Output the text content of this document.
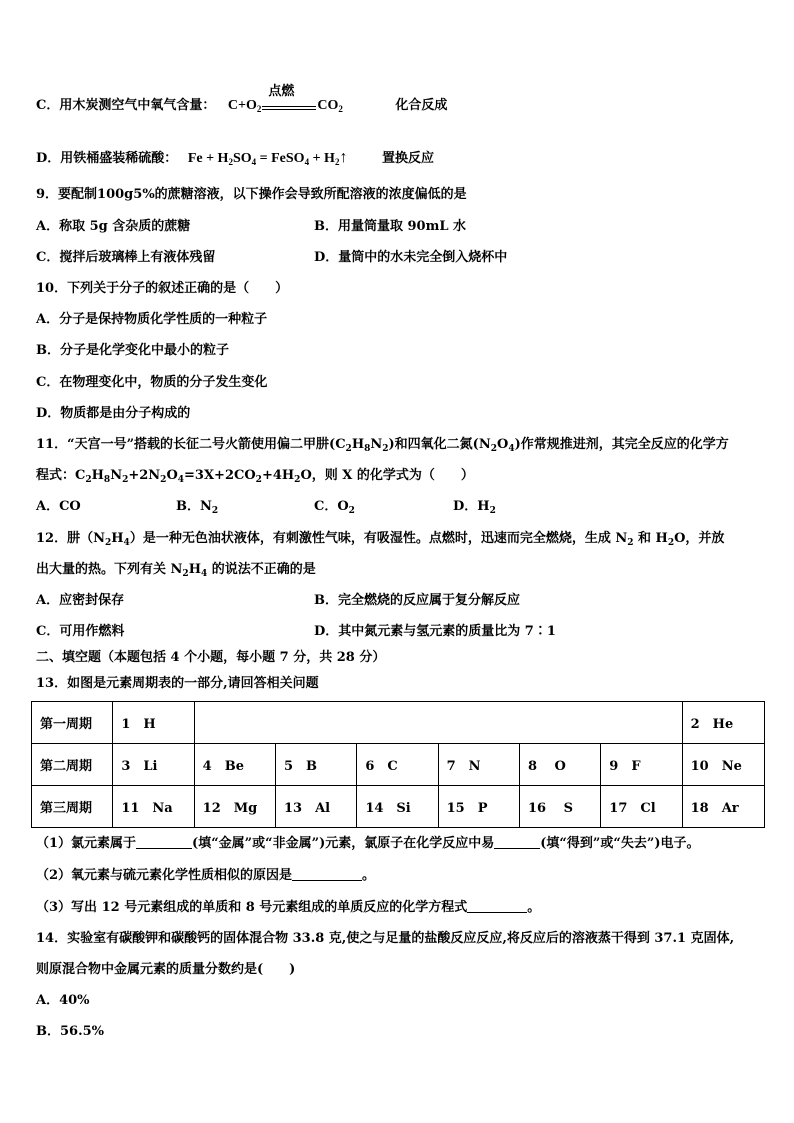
C．用木炭测空气中氧气含量： $C+O_2$
点燃
$CO_2$	化合反成
D．用铁桶盛装稀硫酸： $Fe + H_2SO_4$ = FeSO$_4$ + $H_2↑$	置换反应
9．要配制100g5%的蔗糖溶液，以下操作会导致所配溶液的浓度偏低的是
A．称取 5g 含杂质的蔗糖	B．用量筒量取 90mL 水
C．搅拌后玻璃棒上有液体残留	D．量筒中的水未完全倒入烧杯中
10．下列关于分子的叙述正确的是（　　）
A．分子是保持物质化学性质的一种粒子
B．分子是化学变化中最小的粒子
C．在物理变化中，物质的分子发生变化
D．物质都是由分子构成的
11．“天宫一号”搭载的长征二号火箭使用偏二甲肼$(C_2H_8N_2)$和四氧化二氮$(N_2O_4)$作常规推进剂，其完全反应的化学方
程式：$C_2H_8N_2+2N_2O_4=3X+2CO_2+4H_2O$，则 X 的化学式为（　　）
A．CO	B．$N_2$	C．$O_2$	D．$H_2$
12．肼$(N_2H_4)$是一种无色油状液体，有刺激性气味，有吸湿性。点燃时，迅速而完全燃烧，生成 $N_2$ 和 $H_2O$，并放
出大量的热。下列有关 $N_2H_4$ 的说法不正确的是
A．应密封保存	B．完全燃烧的反应属于复分解反应
C．可用作燃料	D．其中氮元素与氢元素的质量比为 7∶1
二、填空题（本题包括 4 个小题，每小题 7 分，共 28 分）
13．如图是元素周期表的一部分,请回答相关问题
第一周期	1　H							2　He
第二周期	3　Li	4　Be	5　B	6　C	7　N	8　 O	9　F	10　Ne
第三周期	11　Na	12　Mg	13　Al	14　Si	15　P	16　 S	17　Cl	18　Ar
（1）氯元素属于	(填“金属”或“非金属”)元素，氯原子在化学反应中易	(填“得到”或“失去”)电子。
（2）氧元素与硫元素化学性质相似的原因是	。
（3）写出 12 号元素组成的单质和 8 号元素组成的单质反应的化学方程式	。
14．实验室有碳酸钾和碳酸钙的固体混合物 33.8 克,使之与足量的盐酸反应反应,将反应后的溶液蒸干得到 37.1 克固体,
则原混合物中金属元素的质量分数约是(　　)
A．40%
B．56.5%
